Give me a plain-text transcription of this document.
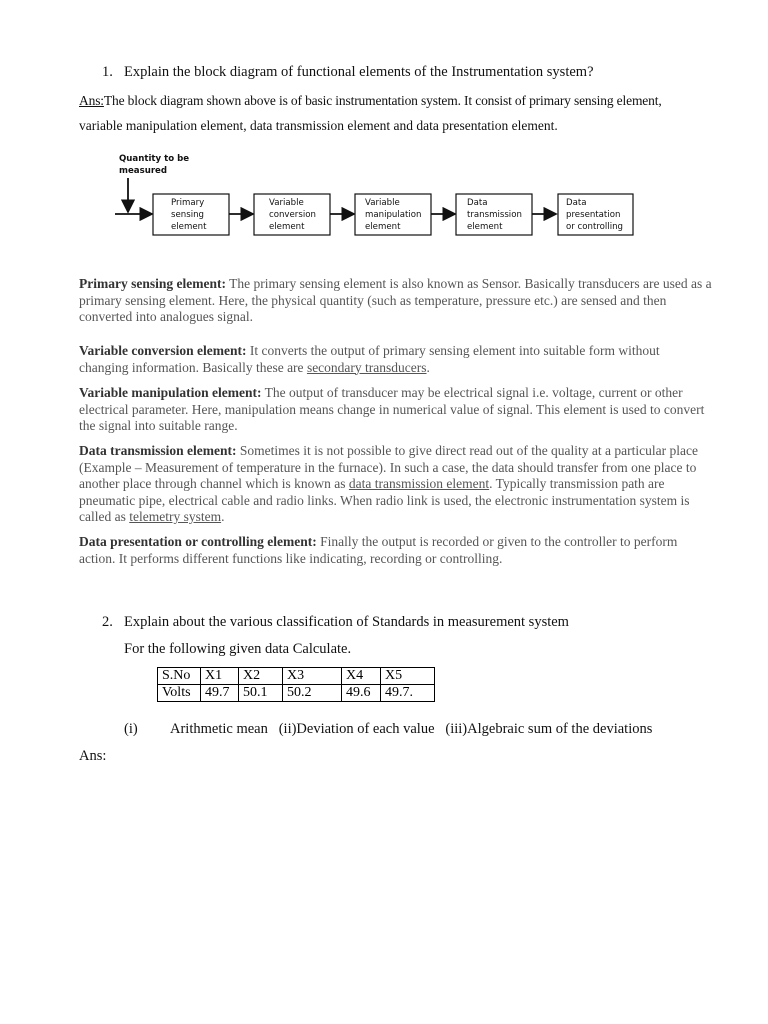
1. Explain the block diagram of functional elements of the Instrumentation system?
Ans:The block diagram shown above is of basic instrumentation system. It consist of primary sensing element,
variable manipulation element, data transmission element and data presentation element.
Quantity to be
measured
Primary
sensing
element
Variable
conversion
element
Variable
manipulation
element
Data
transmission
element
Data
presentation
or controlling
Primary sensing element: The primary sensing element is also known as Sensor. Basically transducers are used as a primary sensing element. Here, the physical quantity (such as temperature, pressure etc.) are sensed and then converted into analogues signal.
Variable conversion element: It converts the output of primary sensing element into suitable form without changing information. Basically these are secondary transducers.
Variable manipulation element: The output of transducer may be electrical signal i.e. voltage, current or other electrical parameter. Here, manipulation means change in numerical value of signal. This element is used to convert the signal into suitable range.
Data transmission element: Sometimes it is not possible to give direct read out of the quality at a particular place (Example – Measurement of temperature in the furnace). In such a case, the data should transfer from one place to another place through channel which is known as data transmission element. Typically transmission path are pneumatic pipe, electrical cable and radio links. When radio link is used, the electronic instrumentation system is called as telemetry system.
Data presentation or controlling element: Finally the output is recorded or given to the controller to perform action. It performs different functions like indicating, recording or controlling.
2. Explain about the various classification of Standards in measurement system
For the following given data Calculate.
S.No	X1	X2	X3	X4	X5
Volts	49.7	50.1	50.2	49.6	49.7.
(i) Arithmetic mean   (ii)Deviation of each value   (iii)Algebraic sum of the deviations
Ans:
